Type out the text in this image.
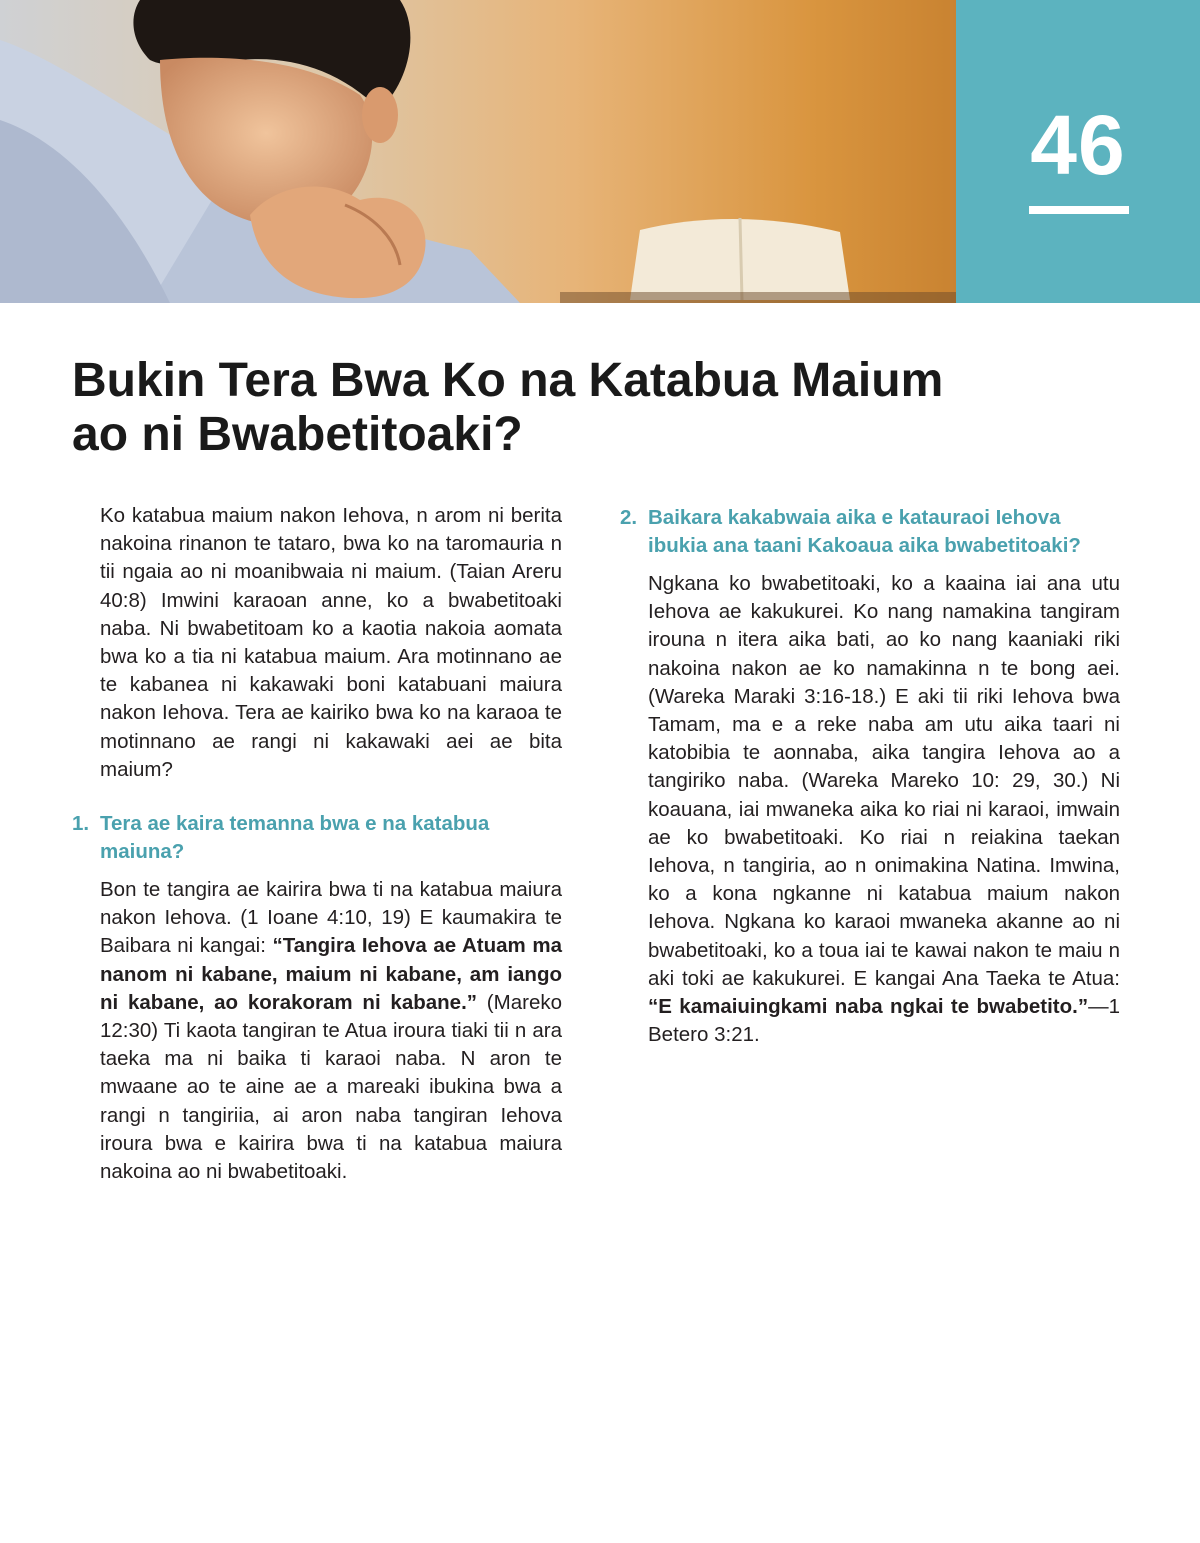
46
Bukin Tera Bwa Ko na Katabua Maium
ao ni Bwabetitoaki?

Ko katabua maium nakon Iehova, n arom ni berita nakoina rinanon te tataro, bwa ko na taromauria n tii ngaia ao ni moanibwaia ni maium. (Taian Areru 40:8) Imwini karaoan anne, ko a bwabetitoaki naba. Ni bwabetitoam ko a kaotia nakoia aomata bwa ko a tia ni katabua maium. Ara motinnano ae te kabanea ni kakawaki boni katabuani maiura nakon Iehova. Tera ae kairiko bwa ko na karaoa te motinnano ae rangi ni kakawaki aei ae bita maium?

1. Tera ae kaira temanna bwa e na katabua maiuna?

Bon te tangira ae kairira bwa ti na katabua maiura nakon Iehova. (1 Ioane 4:10, 19) E kaumakira te Baibara ni kangai: “Tangira Iehova ae Atuam ma nanom ni kabane, maium ni kabane, am iango ni kabane, ao korakoram ni kabane.” (Mareko 12:30) Ti kaota tangiran te Atua iroura tiaki tii n ara taeka ma ni baika ti karaoi naba. N aron te mwaane ao te aine ae a mareaki ibukina bwa a rangi n tangiriia, ai aron naba tangiran Iehova iroura bwa e kairira bwa ti na katabua maiura nakoina ao ni bwabetitoaki.

2. Baikara kakabwaia aika e katauraoi Iehova ibukia ana taani Kakoaua aika bwabetitoaki?

Ngkana ko bwabetitoaki, ko a kaaina iai ana utu Iehova ae kakukurei. Ko nang namakina tangiram irouna n itera aika bati, ao ko nang kaaniaki riki nakoina nakon ae ko namakinna n te bong aei. (Wareka Maraki 3:16-18.) E aki tii riki Iehova bwa Tamam, ma e a reke naba am utu aika taari ni katobibia te aonnaba, aika tangira Iehova ao a tangiriko naba. (Wareka Mareko 10: 29, 30.) Ni koauana, iai mwaneka aika ko riai ni karaoi, imwain ae ko bwabetitoaki. Ko riai n reiakina taekan Iehova, n tangiria, ao n onimakina Natina. Imwina, ko a kona ngkanne ni katabua maium nakon Iehova. Ngkana ko karaoi mwaneka akanne ao ni bwabetitoaki, ko a toua iai te kawai nakon te maiu n aki toki ae kakukurei. E kangai Ana Taeka te Atua: “E kamaiuingkami naba ngkai te bwabetito.”—1 Betero 3:21.
